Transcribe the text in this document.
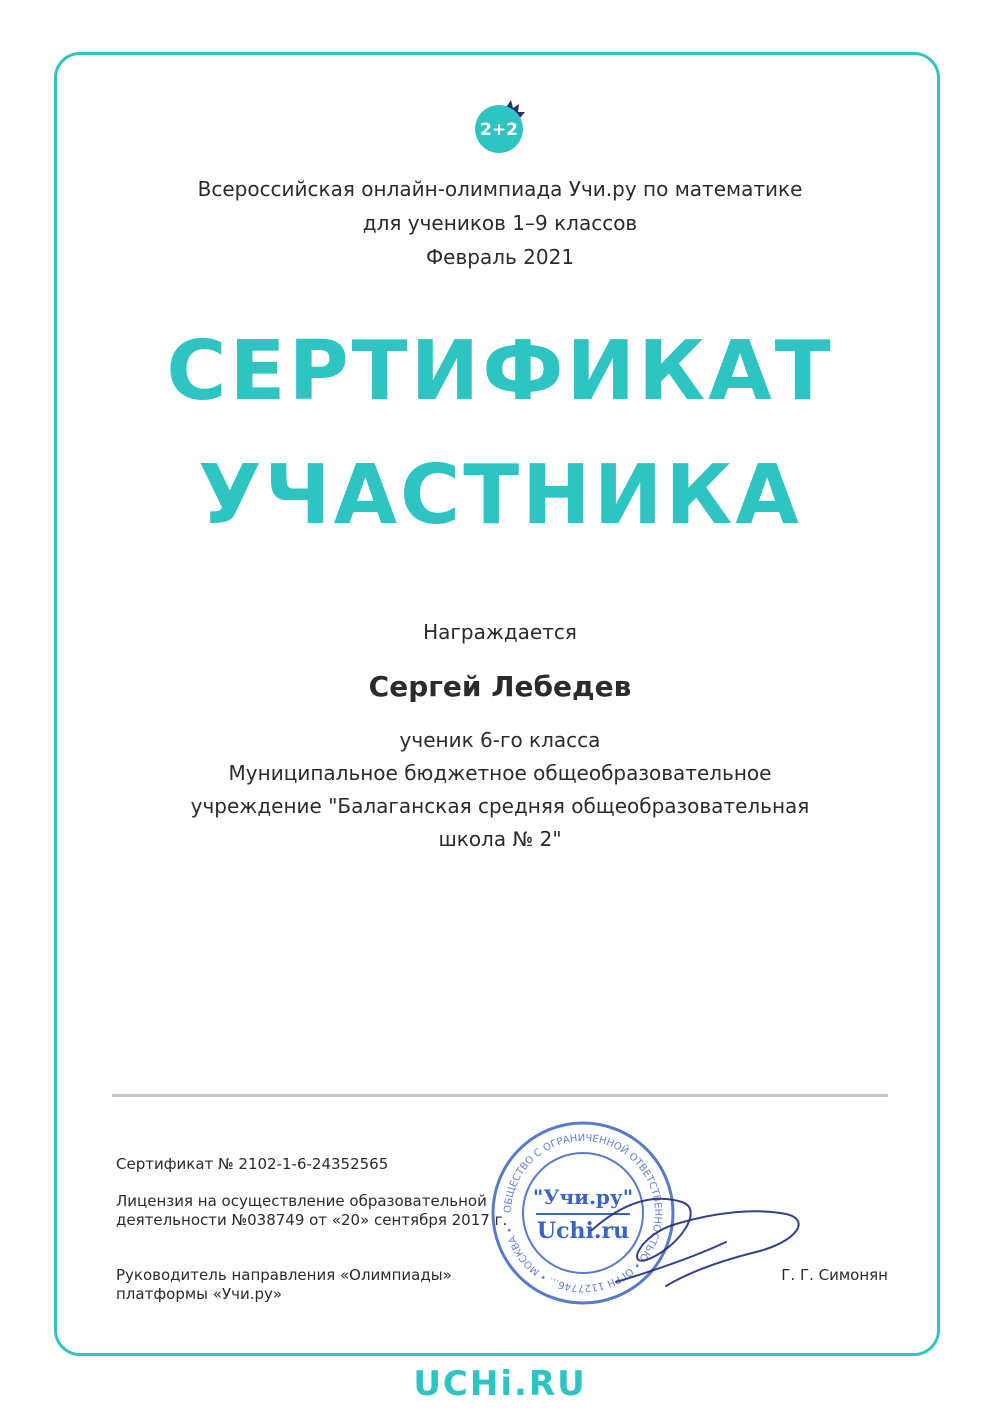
2+2
Всероссийская онлайн-олимпиада Учи.ру по математике
для учеников 1–9 классов
Февраль 2021
СЕРТИФИКАТ
УЧАСТНИКА
Награждается
Сергей Лебедев
ученик 6-го класса
Муниципальное бюджетное общеобразовательное
учреждение "Балаганская средняя общеобразовательная
школа № 2"
Сертификат № 2102-1-6-24352565
Лицензия на осуществление образовательной
деятельности №038749 от «20» сентября 2017 г.
Руководитель направления «Олимпиады»
платформы «Учи.ру»
ОБЩЕСТВО С ОГРАНИЧЕННОЙ ОТВЕТСТВЕННОСТЬЮ • ОГРН 1127746... • МОСКВА •
"Учи.ру"
Uchi.ru
Г. Г. Симонян
UCHi.RU
